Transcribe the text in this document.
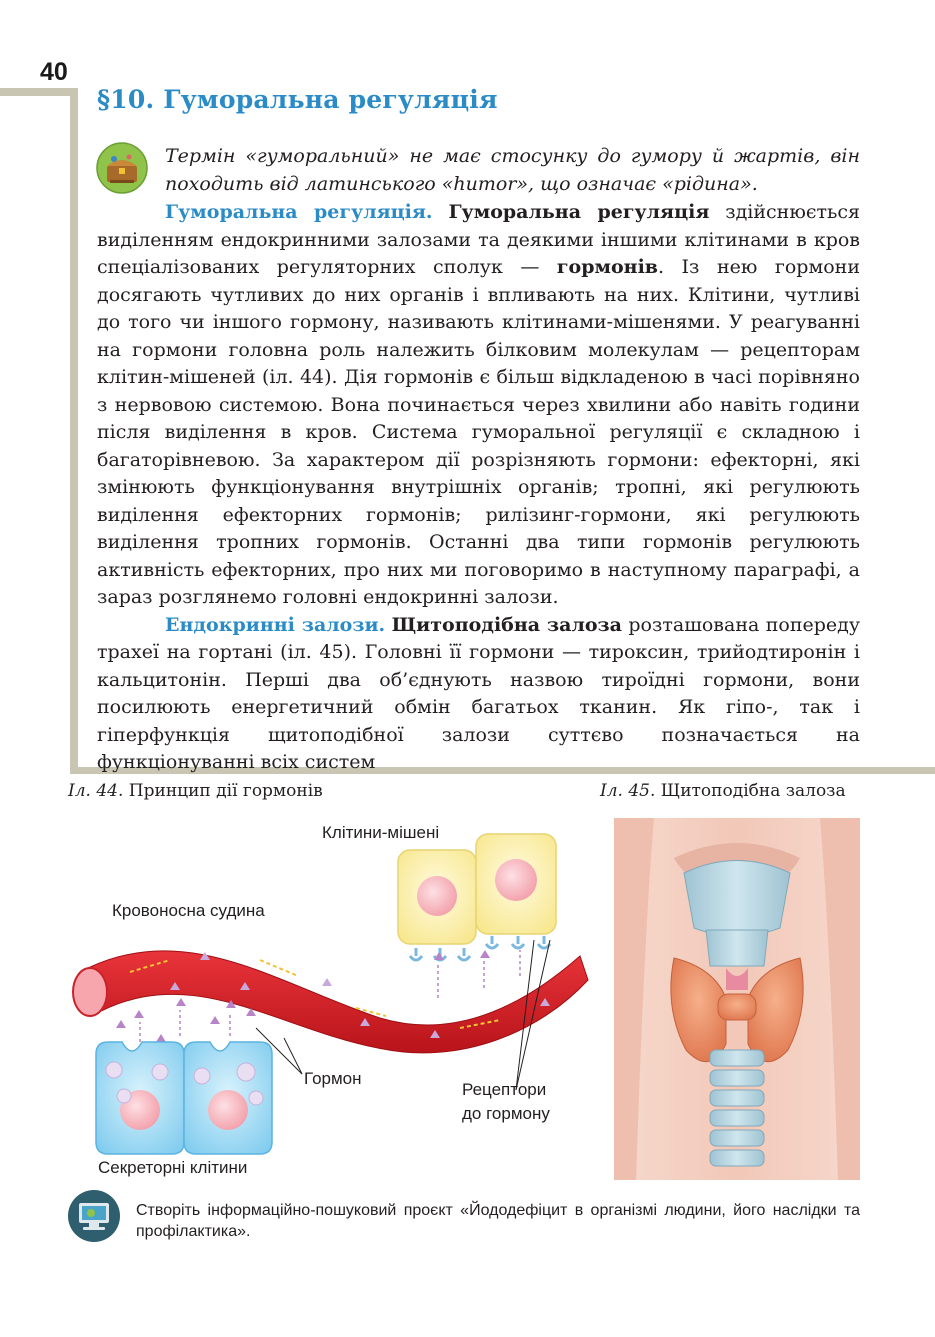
40
§10. Гуморальна регуляція

Термін «гуморальний» не має стосунку до гумору й жартів, він походить від латинського «humor», що означає «рідина».

Гуморальна регуляція. Гуморальна регуляція здійснюється виділенням ендокринними залозами та деякими іншими клітинами в кров спеціалізованих регуляторних сполук — гормонів. Із нею гормони досягають чутливих до них органів і впливають на них. Клітини, чутливі до того чи іншого гормону, називають клітинами-мішенями. У реагуванні на гормони головна роль належить білковим молекулам — рецепторам клітин-мішеней (іл. 44). Дія гормонів є більш відкладеною в часі порівняно з нервовою системою. Вона починається через хвилини або навіть години після виділення в кров. Система гуморальної регуляції є складною і багаторівневою. За характером дії розрізняють гормони: ефекторні, які змінюють функціонування внутрішніх органів; тропні, які регулюють виділення ефекторних гормонів; рилізинг-гормони, які регулюють виділення тропних гормонів. Останні два типи гормонів регулюють активність ефекторних, про них ми поговоримо в наступному параграфі, а зараз розглянемо головні ендокринні залози.

Ендокринні залози. Щитоподібна залоза розташована попереду трахеї на гортані (іл. 45). Головні її гормони — тироксин, трийодтиронін і кальцитонін. Перші два об’єднують назвою тироїдні гормони, вони посилюють енергетичний обмін багатьох тканин. Як гіпо-, так і гіперфункція щитоподібної залози суттєво позначається на функціонуванні всіх систем

Іл. 44. Принцип дії гормонів	Іл. 45. Щитоподібна залоза
Клітини-мішені
Кровоносна судина
Гормон
Рецептори
до гормону
Секреторні клітини

Створіть інформаційно-пошуковий проєкт «Йододефіцит в організмі людини, його наслідки та профілактика».
